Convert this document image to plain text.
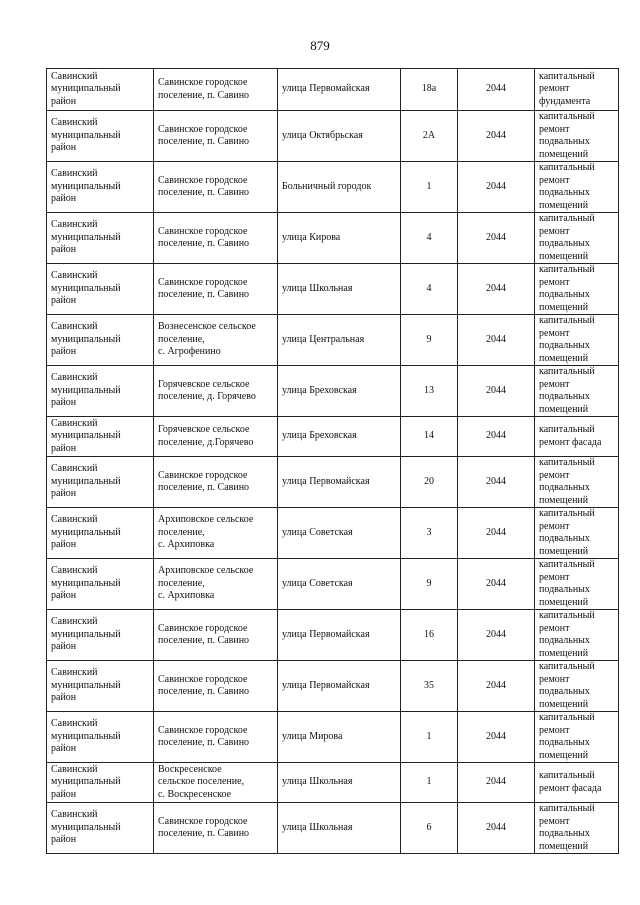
879
Савинский
муниципальный
район	Савинское городское
поселение, п. Савино	улица Первомайская	18а	2044	капитальный
ремонт
фундамента

Савинский
муниципальный
район	Савинское городское
поселение, п. Савино	улица Октябрьская	2А	2044	капитальный
ремонт
подвальных
помещений

Савинский
муниципальный
район	Савинское городское
поселение, п. Савино	Больничный городок	1	2044	капитальный
ремонт
подвальных
помещений

Савинский
муниципальный
район	Савинское городское
поселение, п. Савино	улица Кирова	4	2044	капитальный
ремонт
подвальных
помещений

Савинский
муниципальный
район	Савинское городское
поселение, п. Савино	улица Школьная	4	2044	капитальный
ремонт
подвальных
помещений

Савинский
муниципальный
район	Вознесенское сельское
поселение,
с. Агрофенино	улица Центральная	9	2044	капитальный
ремонт
подвальных
помещений

Савинский
муниципальный
район	Горячевское сельское
поселение, д. Горячево	улица Бреховская	13	2044	капитальный
ремонт
подвальных
помещений

Савинский
муниципальный
район	Горячевское сельское
поселение, д.Горячево	улица Бреховская	14	2044	капитальный
ремонт фасада

Савинский
муниципальный
район	Савинское городское
поселение, п. Савино	улица Первомайская	20	2044	капитальный
ремонт
подвальных
помещений

Савинский
муниципальный
район	Архиповское сельское
поселение,
с. Архиповка	улица Советская	3	2044	капитальный
ремонт
подвальных
помещений

Савинский
муниципальный
район	Архиповское сельское
поселение,
с. Архиповка	улица Советская	9	2044	капитальный
ремонт
подвальных
помещений

Савинский
муниципальный
район	Савинское городское
поселение, п. Савино	улица Первомайская	16	2044	капитальный
ремонт
подвальных
помещений

Савинский
муниципальный
район	Савинское городское
поселение, п. Савино	улица Первомайская	35	2044	капитальный
ремонт
подвальных
помещений

Савинский
муниципальный
район	Савинское городское
поселение, п. Савино	улица Мирова	1	2044	капитальный
ремонт
подвальных
помещений

Савинский
муниципальный
район	Воскресенское
сельское поселение,
с. Воскресенское	улица Школьная	1	2044	капитальный
ремонт фасада

Савинский
муниципальный
район	Савинское городское
поселение, п. Савино	улица Школьная	6	2044	капитальный
ремонт
подвальных
помещений
